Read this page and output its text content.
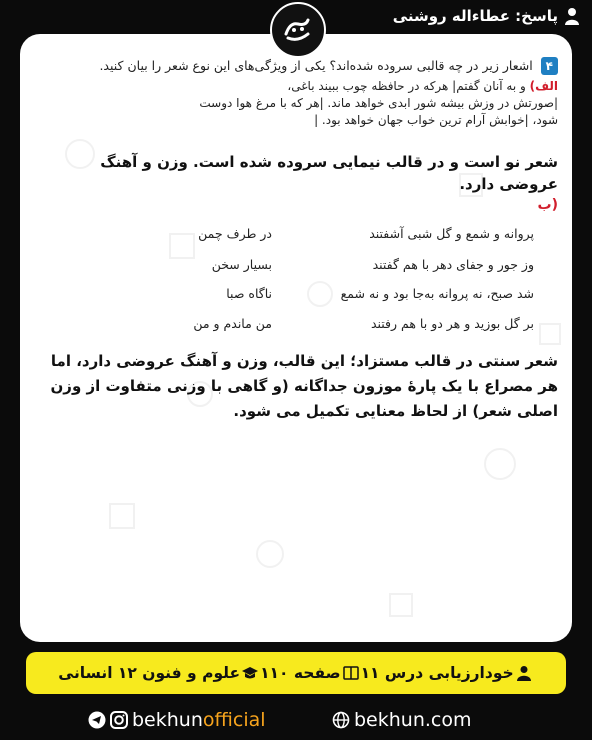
پاسخ: عطاءاله روشنی
۴ اشعار زیر در چه قالبی سروده شده‌اند؟ یکی از ویژگی‌های این نوع شعر را بیان کنید.
الف) و به آنان گفتم| هرکه در حافظه چوب ببیند باغی،
|صورتش در وزش بیشه شور ابدی خواهد ماند. |هر که با مرغ هوا دوست
شود، |خوابش آرام ترین خواب جهان خواهد بود. |
شعر نو است و در قالب نیمایی سروده شده است. وزن و آهنگ عروضی دارد.
ب)
پروانه و شمع و گل شبی آشفتند
در طرف چمن
وز جور و جفای دهر با هم گفتند
بسیار سخن
شد صبح، نه پروانه به‌جا بود و نه شمع
ناگاه صبا
بر گل بوزید و هر دو با هم رفتند
من ماندم و من
شعر سنتی در قالب مستزاد؛ این قالب، وزن و آهنگ عروضی دارد، اما هر مصراع با یک پارهٔ موزون جداگانه (و گاهی با وزنی متفاوت از وزن اصلی شعر) از لحاظ معنایی تکمیل می شود.
خودارزیابی درس ۱۱
صفحه ۱۱۰
علوم و فنون ۱۲ انسانی
bekhunofficial	bekhun.com
